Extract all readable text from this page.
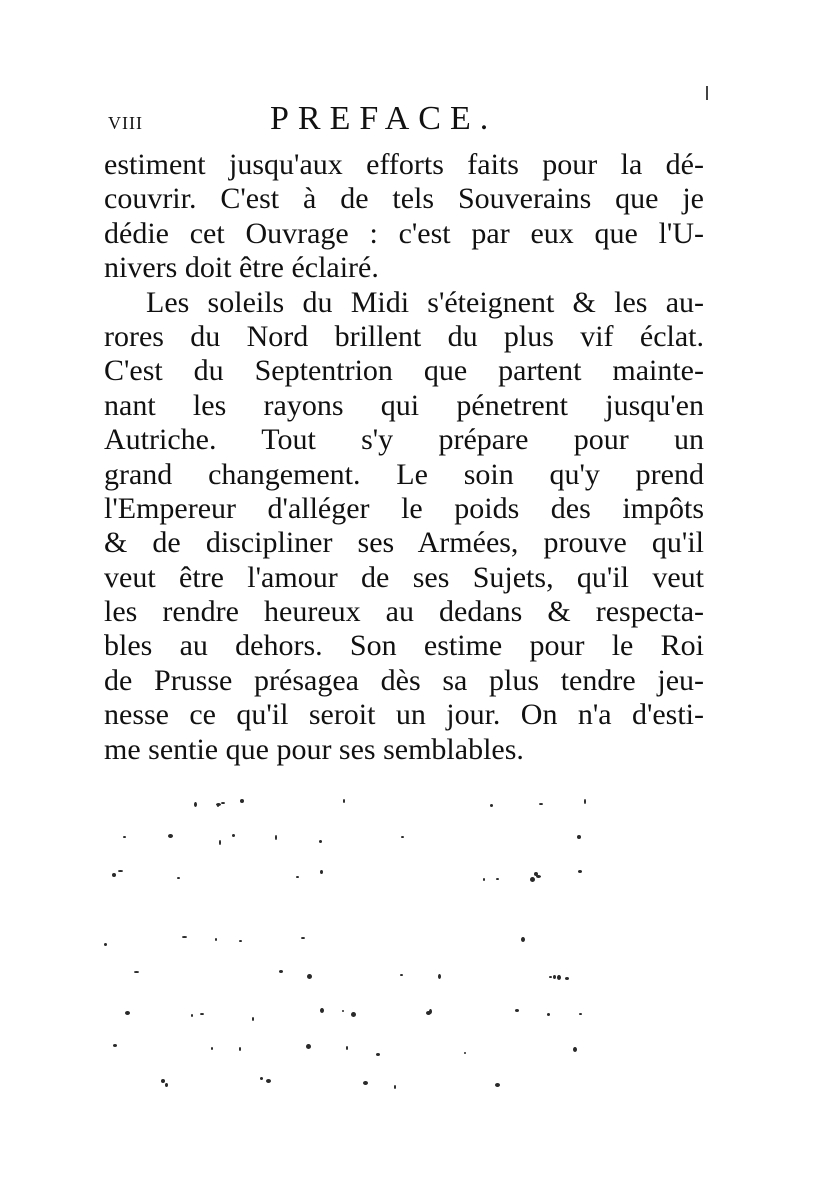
viii	PREFACE.
estiment jusqu'aux efforts faits pour la dé-
couvrir. C'est à de tels Souverains que je
dédie cet Ouvrage : c'est par eux que l'U-
nivers doit être éclairé.
Les soleils du Midi s'éteignent & les au-
rores du Nord brillent du plus vif éclat.
C'est du Septentrion que partent mainte-
nant les rayons qui pénetrent jusqu'en
Autriche. Tout s'y prépare pour un
grand changement. Le soin qu'y prend
l'Empereur d'alléger le poids des impôts
& de discipliner ses Armées, prouve qu'il
veut être l'amour de ses Sujets, qu'il veut
les rendre heureux au dedans & respecta-
bles au dehors. Son estime pour le Roi
de Prusse présagea dès sa plus tendre jeu-
nesse ce qu'il seroit un jour. On n'a d'esti-
me sentie que pour ses semblables.
